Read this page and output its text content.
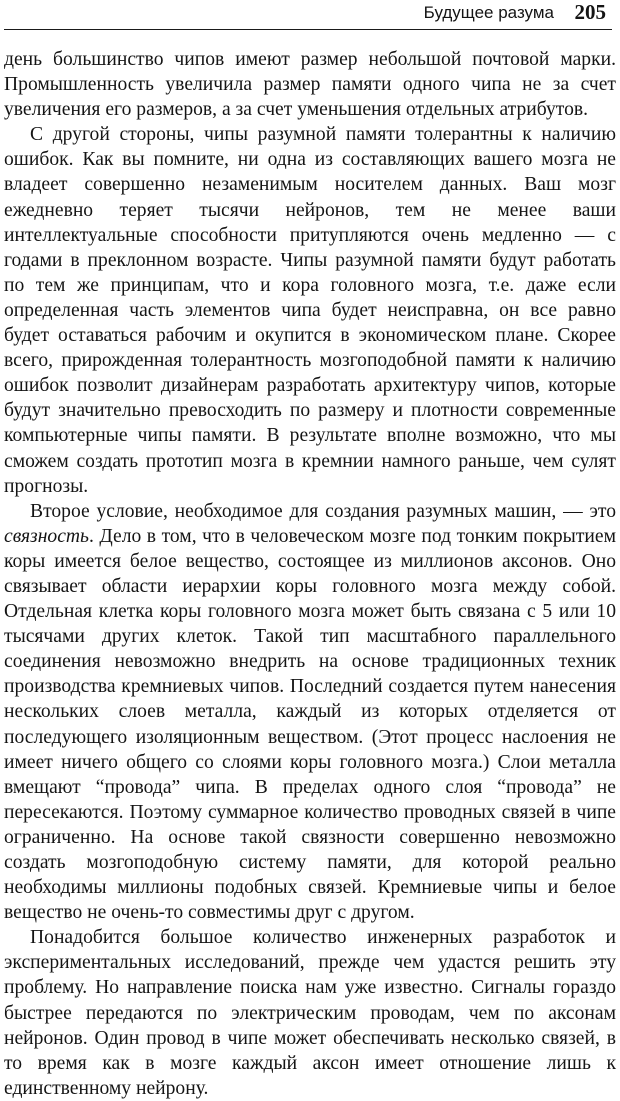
Будущее разума 205

день большинство чипов имеют размер небольшой почтовой марки. Промышленность увеличила размер памяти одного чипа не за счет увеличения его размеров, а за счет уменьшения отдельных атрибутов.

С другой стороны, чипы разумной памяти толерантны к наличию ошибок. Как вы помните, ни одна из составляющих вашего мозга не владеет совершенно незаменимым носителем данных. Ваш мозг ежедневно теряет тысячи нейронов, тем не менее ваши интеллектуальные способности притупляются очень медленно — с годами в преклонном возрасте. Чипы разумной памяти будут работать по тем же принципам, что и кора головного мозга, т.е. даже если определенная часть элементов чипа будет неисправна, он все равно будет оставаться рабочим и окупится в экономическом плане. Скорее всего, прирожденная толерантность мозгоподобной памяти к наличию ошибок позволит дизайнерам разработать архитектуру чипов, которые будут значительно превосходить по размеру и плотности современные компьютерные чипы памяти. В результате вполне возможно, что мы сможем создать прототип мозга в кремнии намного раньше, чем сулят прогнозы.

Второе условие, необходимое для создания разумных машин, — это связность. Дело в том, что в человеческом мозге под тонким покрытием коры имеется белое вещество, состоящее из миллионов аксонов. Оно связывает области иерархии коры головного мозга между собой. Отдельная клетка коры головного мозга может быть связана с 5 или 10 тысячами других клеток. Такой тип масштабного параллельного соединения невозможно внедрить на основе традиционных техник производства кремниевых чипов. Последний создается путем нанесения нескольких слоев металла, каждый из которых отделяется от последующего изоляционным веществом. (Этот процесс наслоения не имеет ничего общего со слоями коры головного мозга.) Слои металла вмещают “провода” чипа. В пределах одного слоя “провода” не пересекаются. Поэтому суммарное количество проводных связей в чипе ограниченно. На основе такой связности совершенно невозможно создать мозгоподобную систему памяти, для которой реально необходимы миллионы подобных связей. Кремниевые чипы и белое вещество не очень-то совместимы друг с другом.

Понадобится большое количество инженерных разработок и экспериментальных исследований, прежде чем удастся решить эту проблему. Но направление поиска нам уже известно. Сигналы гораздо быстрее передаются по электрическим проводам, чем по аксонам нейронов. Один провод в чипе может обеспечивать несколько связей, в то время как в мозге каждый аксон имеет отношение лишь к единственному нейрону.
